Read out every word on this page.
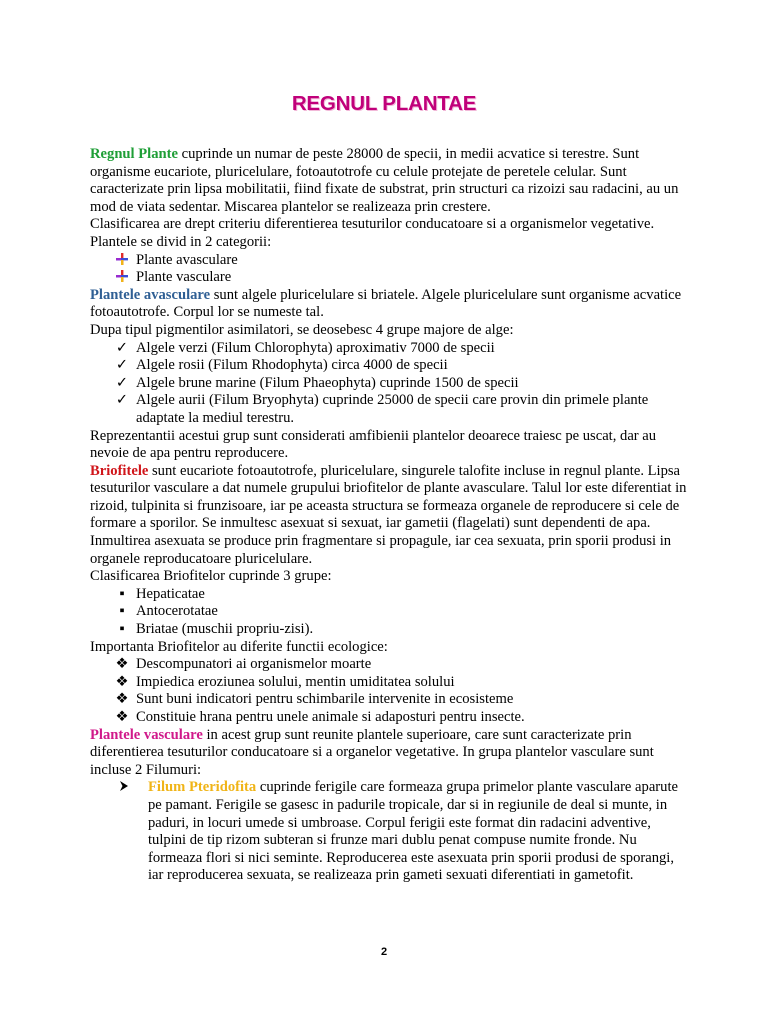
REGNUL PLANTAE

Regnul Plante cuprinde un numar de peste 28000 de specii, in medii acvatice si terestre. Sunt organisme eucariote, pluricelulare, fotoautotrofe cu celule protejate de peretele celular. Sunt caracterizate prin lipsa mobilitatii, fiind fixate de substrat, prin structuri ca rizoizi sau radacini, au un mod de viata sedentar. Miscarea plantelor se realizeaza prin crestere.

Clasificarea are drept criteriu diferentierea tesuturilor conducatoare si a organismelor vegetative.

Plantele se divid in 2 categorii:

Plante avasculare
Plante vasculare

Plantele avasculare sunt algele pluricelulare si briatele. Algele pluricelulare sunt organisme acvatice fotoautotrofe. Corpul lor se numeste tal.

Dupa tipul pigmentilor asimilatori, se deosebesc 4 grupe majore de alge:

✓ Algele verzi (Filum Chlorophyta) aproximativ 7000 de specii
✓ Algele rosii (Filum Rhodophyta) circa 4000 de specii
✓ Algele brune marine (Filum Phaeophyta) cuprinde 1500 de specii
✓ Algele aurii (Filum Bryophyta) cuprinde 25000 de specii care provin din primele plante adaptate la mediul terestru.

Reprezentantii acestui grup sunt considerati amfibienii plantelor deoarece traiesc pe uscat, dar au nevoie de apa pentru reproducere.

Briofitele sunt eucariote fotoautotrofe, pluricelulare, singurele talofite incluse in regnul plante. Lipsa tesuturilor vasculare a dat numele grupului briofitelor de plante avasculare. Talul lor este diferentiat in rizoid, tulpinita si frunzisoare, iar pe aceasta structura se formeaza organele de reproducere si cele de formare a sporilor. Se inmultesc asexuat si sexuat, iar gametii (flagelati) sunt dependenti de apa. Inmultirea asexuata se produce prin fragmentare si propagule, iar cea sexuata, prin sporii produsi in organele reproducatoare pluricelulare.

Clasificarea Briofitelor cuprinde 3 grupe:

▪ Hepaticatae
▪ Antocerotatae
▪ Briatae (muschii propriu-zisi).

Importanta Briofitelor au diferite functii ecologice:

❖ Descompunatori ai organismelor moarte
❖ Impiedica eroziunea solului, mentin umiditatea solului
❖ Sunt buni indicatori pentru schimbarile intervenite in ecosisteme
❖ Constituie hrana pentru unele animale si adaposturi pentru insecte.

Plantele vasculare in acest grup sunt reunite plantele superioare, care sunt caracterizate prin diferentierea tesuturilor conducatoare si a organelor vegetative. In grupa plantelor vasculare sunt incluse 2 Filumuri:

Filum Pteridofita cuprinde ferigile care formeaza grupa primelor plante vasculare aparute pe pamant. Ferigile se gasesc in padurile tropicale, dar si in regiunile de deal si munte, in paduri, in locuri umede si umbroase. Corpul ferigii este format din radacini adventive, tulpini de tip rizom subteran si frunze mari dublu penat compuse numite fronde. Nu formeaza flori si nici seminte. Reproducerea este asexuata prin sporii produsi de sporangi, iar reproducerea sexuata, se realizeaza prin gameti sexuati diferentiati in gametofit.
2
